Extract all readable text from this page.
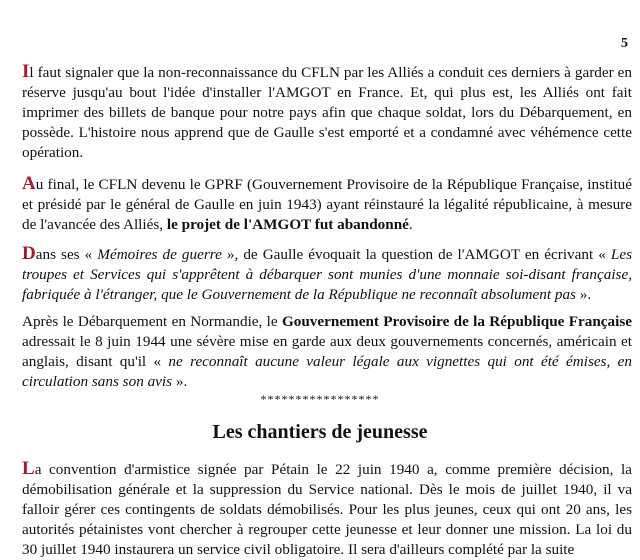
5

Il faut signaler que la non-reconnaissance du CFLN par les Alliés a conduit ces derniers à garder en réserve jusqu'au bout l'idée d'installer l'AMGOT en France. Et, qui plus est, les Alliés ont fait imprimer des billets de banque pour notre pays afin que chaque soldat, lors du Débarquement, en possède. L'histoire nous apprend que de Gaulle s'est emporté et a condamné avec véhémence cette opération.

Au final, le CFLN devenu le GPRF (Gouvernement Provisoire de la République Française, institué et présidé par le général de Gaulle en juin 1943) ayant réinstauré la légalité républicaine, à mesure de l'avancée des Alliés, le projet de l'AMGOT fut abandonné.

Dans ses « Mémoires de guerre », de Gaulle évoquait la question de l'AMGOT en écrivant « Les troupes et Services qui s'apprêtent à débarquer sont munies d'une monnaie soi-disant française, fabriquée à l'étranger, que le Gouvernement de la République ne reconnaît absolument pas ».

Après le Débarquement en Normandie, le Gouvernement Provisoire de la République Française adressait le 8 juin 1944 une sévère mise en garde aux deux gouvernements concernés, américain et anglais, disant qu'il « ne reconnaît aucune valeur légale aux vignettes qui ont été émises, en circulation sans son avis ».

*****************
Les chantiers de jeunesse

La convention d'armistice signée par Pétain le 22 juin 1940 a, comme première décision, la démobilisation générale et la suppression du Service national. Dès le mois de juillet 1940, il va falloir gérer ces contingents de soldats démobilisés. Pour les plus jeunes, ceux qui ont 20 ans, les autorités pétainistes vont chercher à regrouper cette jeunesse et leur donner une mission. La loi du 30 juillet 1940 instaurera un service civil obligatoire. Il sera d'ailleurs complété par la suite
